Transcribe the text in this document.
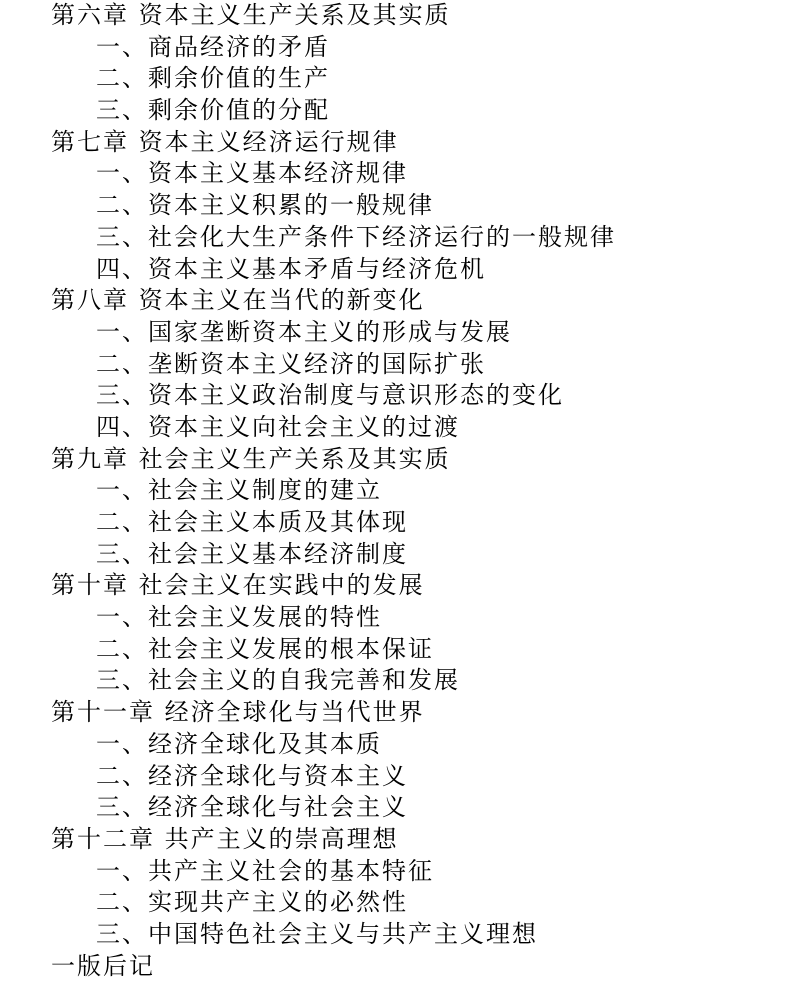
第六章 资本主义生产关系及其实质
一、商品经济的矛盾
二、剩余价值的生产
三、剩余价值的分配
第七章 资本主义经济运行规律
一、资本主义基本经济规律
二、资本主义积累的一般规律
三、社会化大生产条件下经济运行的一般规律
四、资本主义基本矛盾与经济危机
第八章 资本主义在当代的新变化
一、国家垄断资本主义的形成与发展
二、垄断资本主义经济的国际扩张
三、资本主义政治制度与意识形态的变化
四、资本主义向社会主义的过渡
第九章 社会主义生产关系及其实质
一、社会主义制度的建立
二、社会主义本质及其体现
三、社会主义基本经济制度
第十章 社会主义在实践中的发展
一、社会主义发展的特性
二、社会主义发展的根本保证
三、社会主义的自我完善和发展
第十一章 经济全球化与当代世界
一、经济全球化及其本质
二、经济全球化与资本主义
三、经济全球化与社会主义
第十二章 共产主义的崇高理想
一、共产主义社会的基本特征
二、实现共产主义的必然性
三、中国特色社会主义与共产主义理想
一版后记
